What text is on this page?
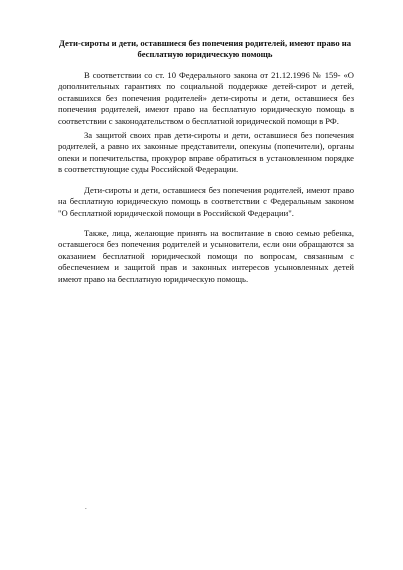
Дети-сироты и дети, оставшиеся без попечения родителей, имеют право на бесплатную юридическую помощь

В соответствии со ст. 10 Федерального закона от 21.12.1996 № 159- «О дополнительных гарантиях по социальной поддержке детей-сирот и детей, оставшихся без попечения родителей» дети-сироты и дети, оставшиеся без попечения родителей, имеют право на бесплатную юридическую помощь в соответствии с законодательством о бесплатной юридической помощи в РФ.

За защитой своих прав дети-сироты и дети, оставшиеся без попечения родителей, а равно их законные представители, опекуны (попечители), органы опеки и попечительства, прокурор вправе обратиться в установленном порядке в соответствующие суды Российской Федерации.

Дети-сироты и дети, оставшиеся без попечения родителей, имеют право на бесплатную юридическую помощь в соответствии с Федеральным законом "О бесплатной юридической помощи в Российской Федерации".

Также, лица, желающие принять на воспитание в свою семью ребенка, оставшегося без попечения родителей и усыновители, если они обращаются за оказанием бесплатной юридической помощи по вопросам, связанным с обеспечением и защитой прав и законных интересов усыновленных детей имеют право на бесплатную юридическую помощь.

.
